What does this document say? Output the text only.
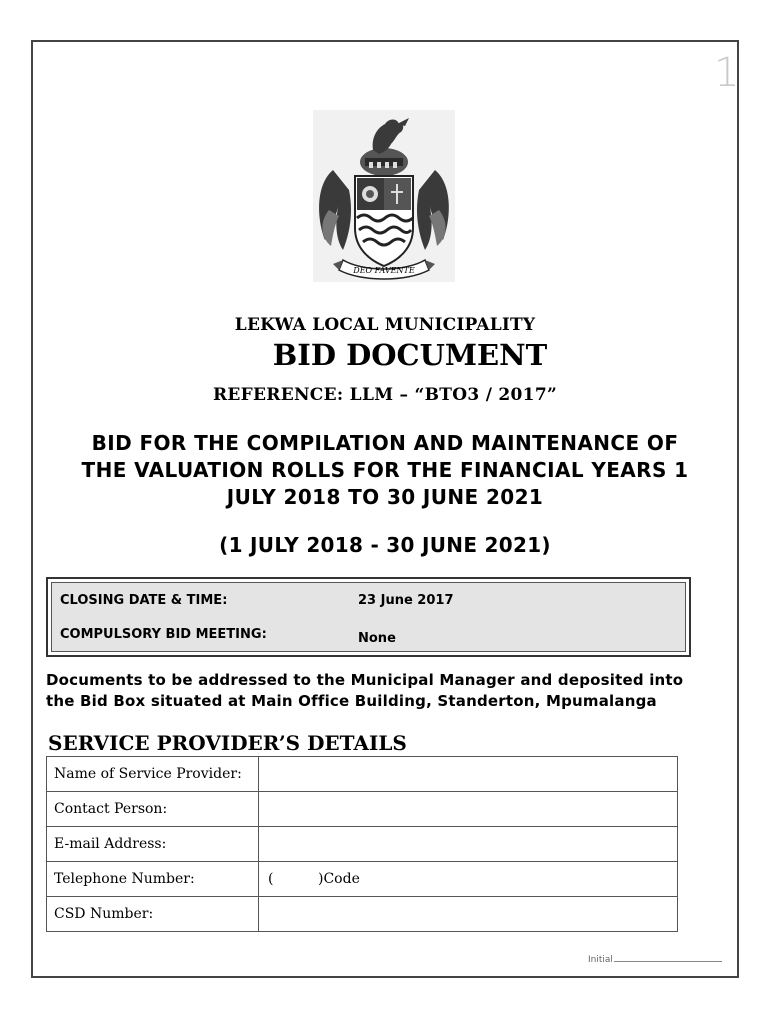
1
DEO FAVENTE
LEKWA LOCAL MUNICIPALITY
BID DOCUMENT
REFERENCE: LLM – “BTO3 / 2017”
BID FOR THE COMPILATION AND MAINTENANCE OF
THE VALUATION ROLLS FOR THE FINANCIAL YEARS 1
JULY 2018 TO 30 JUNE 2021
(1 JULY 2018 - 30 JUNE 2021)
CLOSING DATE & TIME:	23 June 2017
COMPULSORY BID MEETING:	None
Documents to be addressed to the Municipal Manager and deposited into
the Bid Box situated at Main Office Building, Standerton, Mpumalanga
SERVICE PROVIDER’S DETAILS
Name of Service Provider:	
Contact Person:	
E-mail Address:	
Telephone Number:	( )Code
CSD Number:	
Initial
